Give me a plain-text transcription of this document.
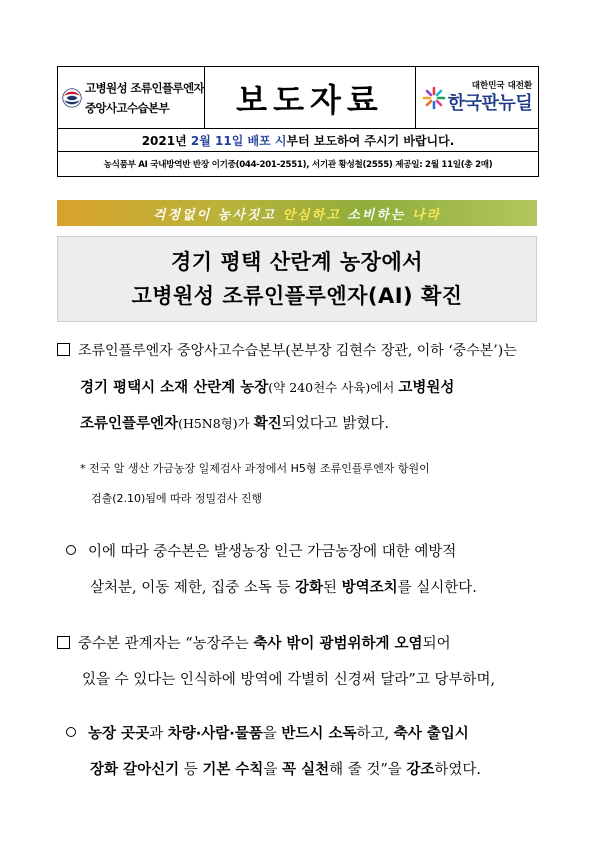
고병원성 조류인플루엔자
중앙사고수습본부	보도자료	대한민국 대전환
한국판뉴딜
2021년
2월
11일
배포 시 부터 보도하여 주시기 바랍니다.
농식품부 AI 국내방역반 반장 이기중(044-201-2551), 서기관 황성철(2555) 제공일: 2월 11일(총 2매)
걱정없이 농사짓고
안심하고
소비하는
나라
경기 평택 산란계 농장에서
고병원성 조류인플루엔자(AI) 확진
조류인플루엔자 중앙사고수습본부(본부장 김현수 장관, 이하 ‘중수본’)는
경기 평택시 소재 산란계 농장(약 240천수 사육)에서 고병원성
조류인플루엔자(H5N8형)가 확진되었다고 밝혔다.
* 전국 알 생산 가금농장 일제검사 과정에서 H5형 조류인플루엔자 항원이
검출(2.10)됨에 따라 정밀검사 진행
이에 따라 중수본은 발생농장 인근 가금농장에 대한 예방적
살처분, 이동 제한, 집중 소독 등 강화된 방역조치를 실시한다.
중수본 관계자는 “농장주는 축사 밖이 광범위하게 오염되어
있을 수 있다는 인식하에 방역에 각별히 신경써 달라”고 당부하며,
농장 곳곳과 차량·사람·물품을 반드시 소독하고, 축사 출입시
장화 갈아신기 등 기본 수칙을 꼭 실천해 줄 것”을 강조하였다.
